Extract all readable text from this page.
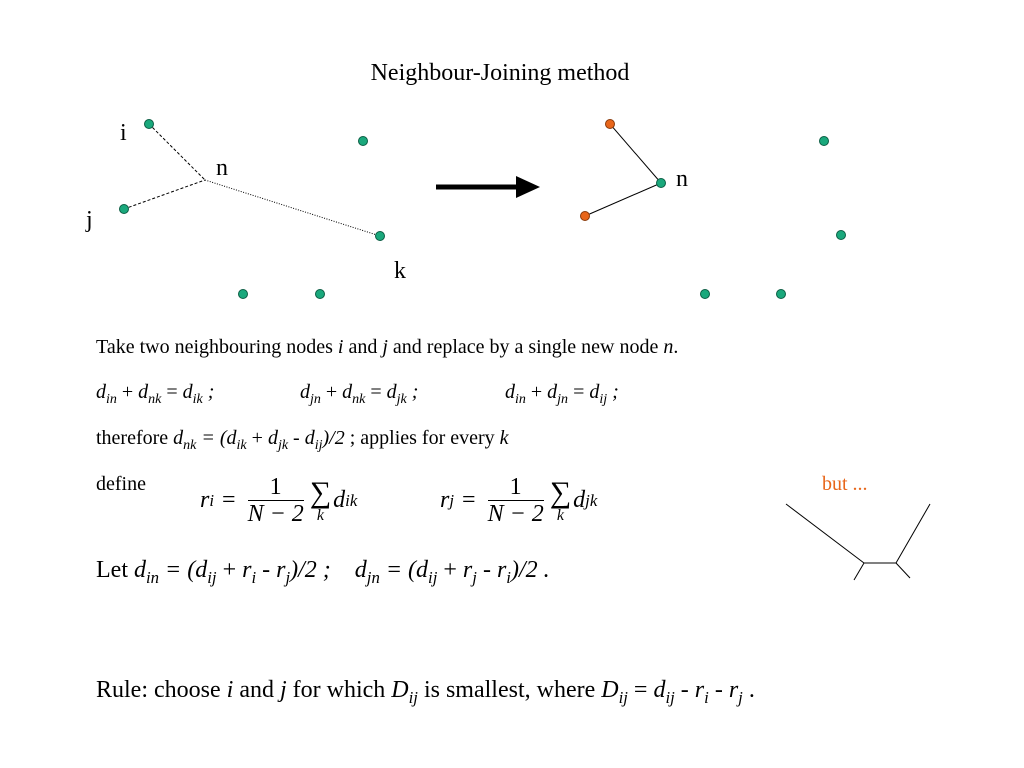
Neighbour-Joining method
i
j
n
k
n
Take two neighbouring nodes i and j and replace by a single new node n.
$d_{in} + d_{nk} = d_{ik}$ ;	$d_{jn} + d_{nk} = d_{jk}$ ;	$d_{in} + d_{jn} = d_{ij}$ ;
therefore $d_{nk} = (d_{ik} + d_{jk} - d_{ij})/2$ ; applies for every k
define
r $i = \frac{1}{N - 2}$ ∑
k
d ik	r $j = \frac{1}{N - 2}$ ∑
k
d jk
but ...
Let $d_{in} = (d_{ij} + r_i - r_j)/2$ ; $d_{jn} = (d_{ij} + r_j - r_i)/2$ .
Rule: choose i and j for which $D_{ij}$ is smallest, where $D_{ij} = d_{ij} - r_i - r_j$ .
